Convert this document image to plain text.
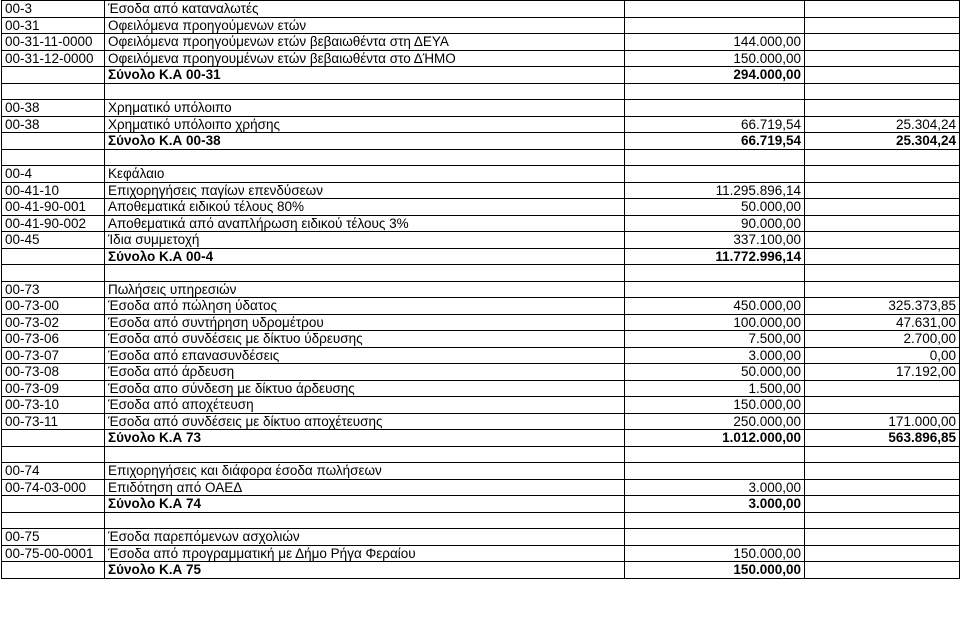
00-3	Έσοδα από καταναλωτές		
00-31	Οφειλόμενα προηγούμενων ετών		
00-31-11-0000	Οφειλόμενα προηγούμενων ετών βεβαιωθέντα στη ΔΕΥΑ	144.000,00	
00-31-12-0000	Οφειλόμενα προηγουμένων ετών βεβαιωθέντα στο ΔΉΜΟ	150.000,00	
	Σύνολο Κ.Α 00-31	294.000,00	

00-38	Χρηματικό υπόλοιπο		
00-38	Χρηματικό υπόλοιπο χρήσης	66.719,54	25.304,24
	Σύνολο Κ.Α 00-38	66.719,54	25.304,24

00-4	Κεφάλαιο		
00-41-10	Επιχορηγήσεις παγίων επενδύσεων	11.295.896,14	
00-41-90-001	Αποθεματικά ειδικού τέλους 80%	50.000,00	
00-41-90-002	Αποθεματικά από αναπλήρωση ειδικού τέλους 3%	90.000,00	
00-45	Ίδια συμμετοχή	337.100,00	
	Σύνολο Κ.Α 00-4	11.772.996,14	

00-73	Πωλήσεις υπηρεσιών		
00-73-00	Έσοδα από πώληση ύδατος	450.000,00	325.373,85
00-73-02	Έσοδα από συντήρηση υδρομέτρου	100.000,00	47.631,00
00-73-06	Έσοδα από συνδέσεις με δίκτυο ύδρευσης	7.500,00	2.700,00
00-73-07	Έσοδα από επανασυνδέσεις	3.000,00	0,00
00-73-08	Έσοδα από άρδευση	50.000,00	17.192,00
00-73-09	Έσοδα απο σύνδεση με δίκτυο άρδευσης	1.500,00	
00-73-10	Έσοδα από αποχέτευση	150.000,00	
00-73-11	Έσοδα από συνδέσεις με δίκτυο αποχέτευσης	250.000,00	171.000,00
	Σύνολο Κ.Α 73	1.012.000,00	563.896,85

00-74	Επιχορηγήσεις και διάφορα έσοδα πωλήσεων		
00-74-03-000	Επιδότηση από ΟΑΕΔ	3.000,00	
	Σύνολο Κ.Α 74	3.000,00	

00-75	Έσοδα παρεπόμενων ασχολιών		
00-75-00-0001	Έσοδα από προγραμματική με Δήμο Ρήγα Φεραίου	150.000,00	
	Σύνολο Κ.Α 75	150.000,00	
